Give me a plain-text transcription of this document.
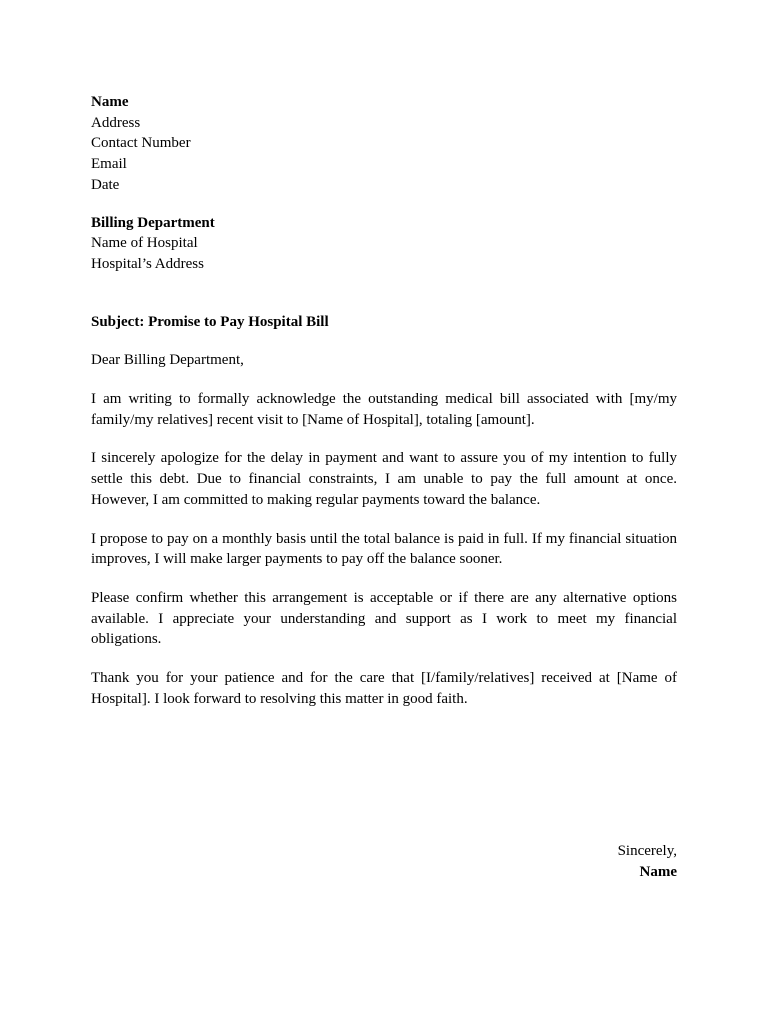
Name
Address
Contact Number
Email
Date
Billing Department
Name of Hospital
Hospital’s Address
Subject: Promise to Pay Hospital Bill
Dear Billing Department,

I am writing to formally acknowledge the outstanding medical bill associated with [my/my family/my relatives] recent visit to [Name of Hospital], totaling [amount].

I sincerely apologize for the delay in payment and want to assure you of my intention to fully settle this debt. Due to financial constraints, I am unable to pay the full amount at once. However, I am committed to making regular payments toward the balance.

I propose to pay on a monthly basis until the total balance is paid in full. If my financial situation improves, I will make larger payments to pay off the balance sooner.

Please confirm whether this arrangement is acceptable or if there are any alternative options available. I appreciate your understanding and support as I work to meet my financial obligations.

Thank you for your patience and for the care that [I/family/relatives] received at [Name of Hospital]. I look forward to resolving this matter in good faith.

Sincerely,
Name
